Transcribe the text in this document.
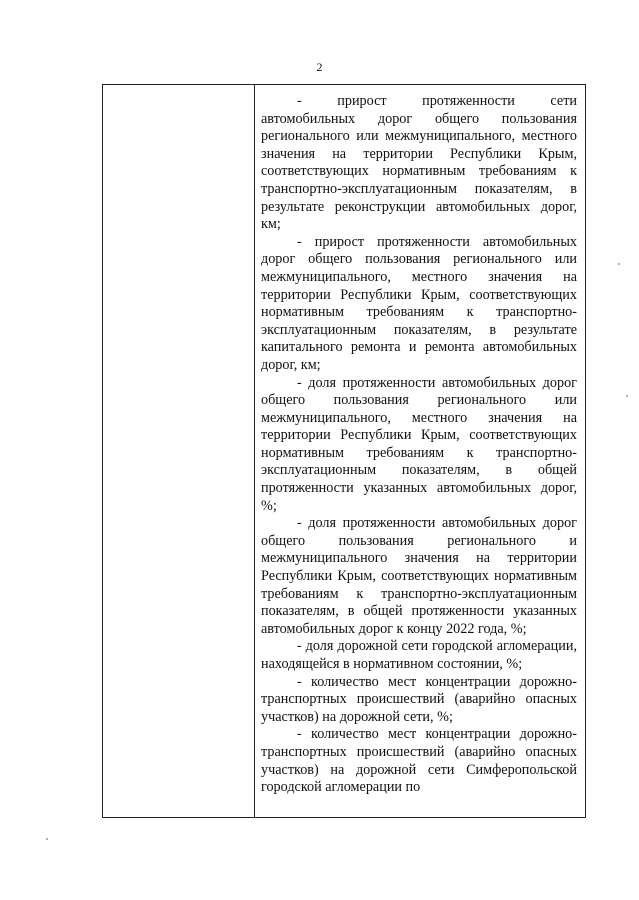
2

- прирост протяженности сети автомобильных дорог общего пользования регионального или межмуниципального, местного значения на территории Республики Крым, соответствующих нормативным требованиям к транспортно-эксплуатационным показателям, в результате реконструкции автомобильных дорог, км;

- прирост протяженности автомобильных дорог общего пользования регионального или межмуниципального, местного значения на территории Республики Крым, соответствующих нормативным требованиям к транспортно-эксплуатационным показателям, в результате капитального ремонта и ремонта автомобильных дорог, км;

- доля протяженности автомобильных дорог общего пользования регионального или межмуниципального, местного значения на территории Республики Крым, соответствующих нормативным требованиям к транспортно-эксплуатационным показателям, в общей протяженности указанных автомобильных дорог, %;

- доля протяженности автомобильных дорог общего пользования регионального и межмуниципального значения на территории Республики Крым, соответствующих нормативным требованиям к транспортно-эксплуатационным показателям, в общей протяженности указанных автомобильных дорог к концу 2022 года, %;

- доля дорожной сети городской агломерации, находящейся в нормативном состоянии, %;

- количество мест концентрации дорожно-транспортных происшествий (аварийно опасных участков) на дорожной сети, %;

- количество мест концентрации дорожно-транспортных происшествий (аварийно опасных участков) на дорожной сети Симферопольской городской агломерации по
